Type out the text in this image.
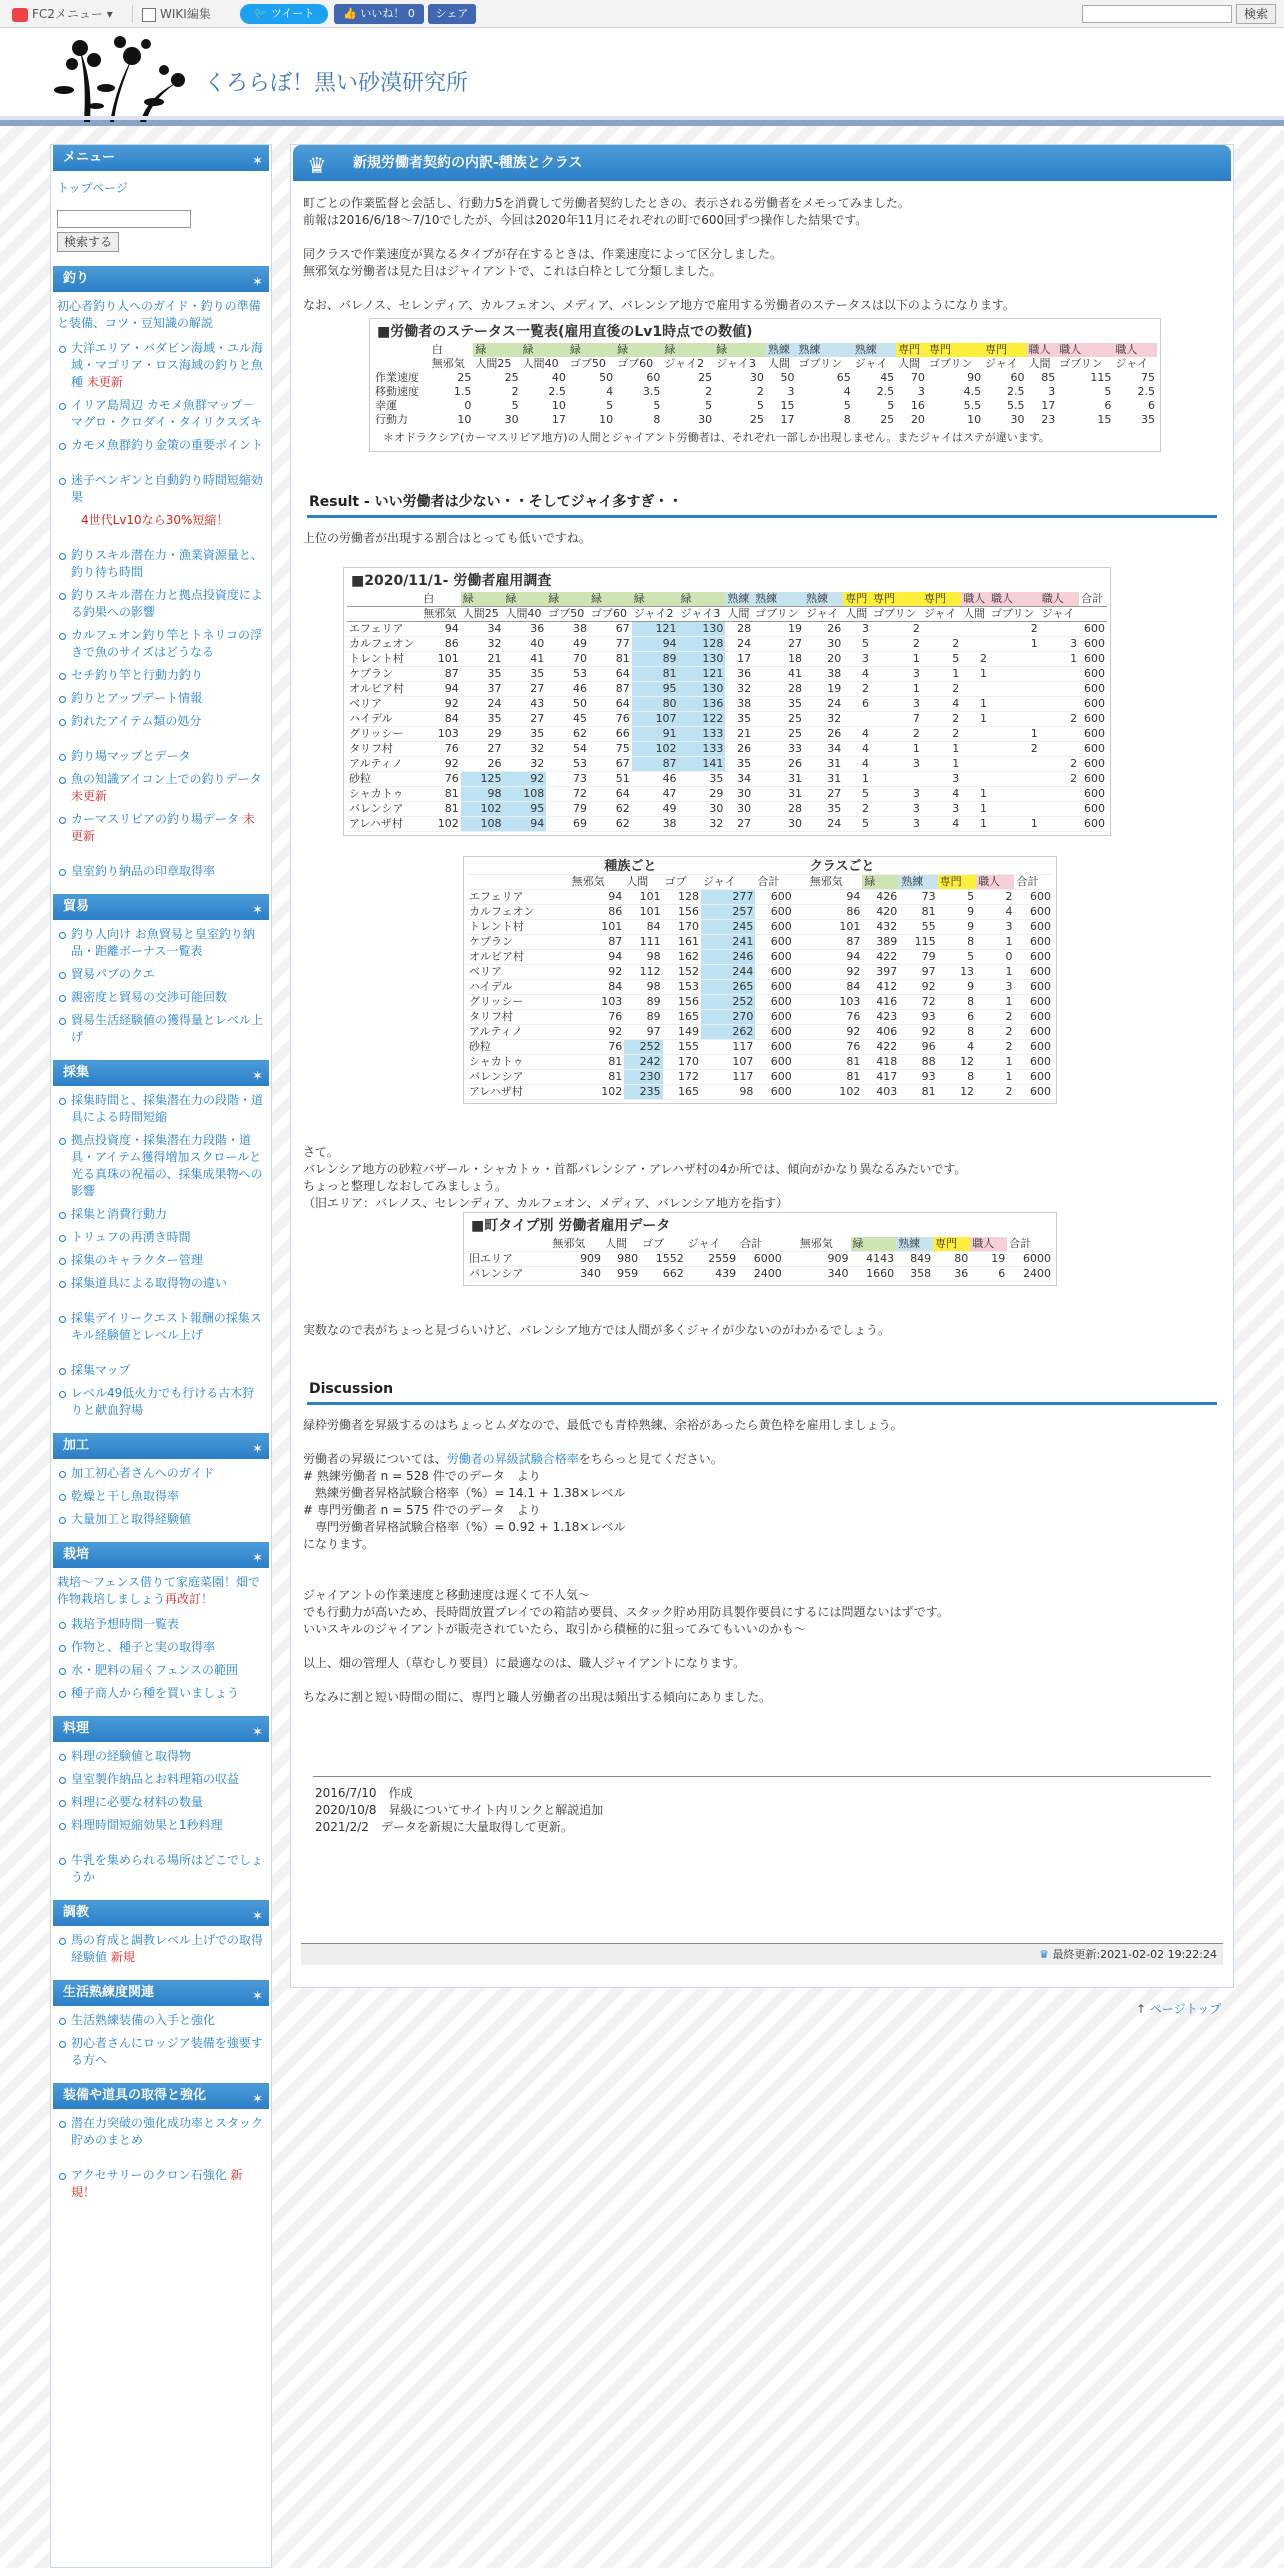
FC2メニュー ▾	WIKI編集	🐦 ツイート	👍 いいね！ 0	シェア	検索
くろらぼ！黒い砂漠研究所
メニュー	✶
トップページ
検索する
釣り	✶
初心者釣り人へのガイド・釣りの準備と装備、コツ・豆知識の解説
大洋エリア・バダビン海域・ユル海域・マゴリア・ロス海域の釣りと魚種 未更新
イリア島周辺 カモメ魚群マップ－マグロ・クロダイ・タイリクスズキ
カモメ魚群釣り金策の重要ポイント
迷子ペンギンと自動釣り時間短縮効果
4世代Lv10なら30%短縮！
釣りスキル潜在力・漁業資源量と、釣り待ち時間
釣りスキル潜在力と拠点投資度による釣果への影響
カルフェオン釣り竿とトネリコの浮きで魚のサイズはどうなる
セチ釣り竿と行動力釣り
釣りとアップデート情報
釣れたアイテム類の処分
釣り場マップとデータ
魚の知識アイコン上での釣りデータ 未更新
カーマスリビアの釣り場データ 未更新
皇室釣り納品の印章取得率
貿易	✶
釣り人向け お魚貿易と皇室釣り納品・距離ボーナス一覧表
貿易パブのクエ
親密度と貿易の交渉可能回数
貿易生活経験値の獲得量とレベル上げ
採集	✶
採集時間と、採集潜在力の段階・道具による時間短縮
拠点投資度・採集潜在力段階・道具・アイテム獲得増加スクロールと光る真珠の祝福の、採集成果物への影響
採集と消費行動力
トリュフの再湧き時間
採集のキャラクター管理
採集道具による取得物の違い
採集デイリークエスト報酬の採集スキル経験値とレベル上げ
採集マップ
レベル49低火力でも行ける古木狩りと献血狩場
加工	✶
加工初心者さんへのガイド
乾燥と干し魚取得率
大量加工と取得経験値
栽培	✶
栽培～フェンス借りて家庭菜園！畑で作物栽培しましょう再改訂！
栽培予想時間一覧表
作物と、種子と実の取得率
水・肥料の届くフェンスの範囲
種子商人から種を買いましょう
料理	✶
料理の経験値と取得物
皇室製作納品とお料理箱の収益
料理に必要な材料の数量
料理時間短縮効果と1秒料理
牛乳を集められる場所はどこでしょうか
調教	✶
馬の育成と調教レベル上げでの取得経験値 新規
生活熟練度関連	✶
生活熟練装備の入手と強化
初心者さんにロッジア装備を強要する方へ
装備や道具の取得と強化	✶
潜在力突破の強化成功率とスタック貯めのまとめ
アクセサリーのクロン石強化 新規！
♛ 新規労働者契約の内訳-種族とクラス

町ごとの作業監督と会話し、行動力5を消費して労働者契約したときの、表示される労働者をメモってみました。

前報は2016/6/18～7/10でしたが、今回は2020年11月にそれぞれの町で600回ずつ操作した結果です。

同クラスで作業速度が異なるタイプが存在するときは、作業速度によって区分しました。

無邪気な労働者は見た目はジャイアントで、これは白枠として分類しました。

なお、バレノス、セレンディア、カルフェオン、メディア、バレンシア地方で雇用する労働者のステータスは以下のようになります。

■労働者のステータス一覧表(雇用直後のLv1時点での数値)
	白	緑	緑	緑	緑	緑	緑	熟練	熟練	熟練	専門	専門	専門	職人	職人	職人
	無邪気	人間25	人間40	ゴブ50	ゴブ60	ジャイ2	ジャイ3	人間	ゴブリン	ジャイ	人間	ゴブリン	ジャイ	人間	ゴブリン	ジャイ
作業速度	25	25	40	50	60	25	30	50	65	45	70	90	60	85	115	75
移動速度	1.5	2	2.5	4	3.5	2	2	3	4	2.5	3	4.5	2.5	3	5	2.5
幸運	0	5	10	5	5	5	5	15	5	5	16	5.5	5.5	17	6	6
行動力	10	30	17	10	8	30	25	17	8	25	20	10	30	23	15	35
＊オドラクシア(カーマスリビア地方)の人間とジャイアント労働者は、それぞれ一部しか出現しません。またジャイはステが違います。
Result - いい労働者は少ない・・そしてジャイ多すぎ・・

上位の労働者が出現する割合はとっても低いですね。

■2020/11/1- 労働者雇用調査
	白	緑	緑	緑	緑	緑	緑	熟練	熟練	熟練	専門	専門	専門	職人	職人	職人	合計
	無邪気	人間25	人間40	ゴブ50	ゴブ60	ジャイ2	ジャイ3	人間	ゴブリン	ジャイ	人間	ゴブリン	ジャイ	人間	ゴブリン	ジャイ	
エフェリア	94	34	36	38	67	121	130	28	19	26	3	2			2		600
カルフェオン	86	32	40	49	77	94	128	24	27	30	5	2	2		1	3	600
トレント村	101	21	41	70	81	89	130	17	18	20	3	1	5	2		1	600
ケプラン	87	35	35	53	64	81	121	36	41	38	4	3	1	1			600
オルビア村	94	37	27	46	87	95	130	32	28	19	2	1	2				600
ベリア	92	24	43	50	64	80	136	38	35	24	6	3	4	1			600
ハイデル	84	35	27	45	76	107	122	35	25	32		7	2	1		2	600
グリッシー	103	29	35	62	66	91	133	21	25	26	4	2	2		1		600
タリフ村	76	27	32	54	75	102	133	26	33	34	4	1	1		2		600
アルティノ	92	26	32	53	67	87	141	35	26	31	4	3	1			2	600
砂粒	76	125	92	73	51	46	35	34	31	31	1		3			2	600
シャカトゥ	81	98	108	72	64	47	29	30	31	27	5	3	4	1			600
バレンシア	81	102	95	79	62	49	30	30	28	35	2	3	3	1			600
アレハザ村	102	108	94	69	62	38	32	27	30	24	5	3	4	1	1		600
種族ごと							クラスごと					
	無邪気	人間	ゴブ	ジャイ	合計		無邪気	緑	熟練	専門	職人	合計
エフェリア	94	101	128	277	600		94	426	73	5	2	600
カルフェオン	86	101	156	257	600		86	420	81	9	4	600
トレント村	101	84	170	245	600		101	432	55	9	3	600
ケプラン	87	111	161	241	600		87	389	115	8	1	600
オルビア村	94	98	162	246	600		94	422	79	5	0	600
ベリア	92	112	152	244	600		92	397	97	13	1	600
ハイデル	84	98	153	265	600		84	412	92	9	3	600
グリッシー	103	89	156	252	600		103	416	72	8	1	600
タリフ村	76	89	165	270	600		76	423	93	6	2	600
アルティノ	92	97	149	262	600		92	406	92	8	2	600
砂粒	76	252	155	117	600		76	422	96	4	2	600
シャカトゥ	81	242	170	107	600		81	418	88	12	1	600
バレンシア	81	230	172	117	600		81	417	93	8	1	600
アレハザ村	102	235	165	98	600		102	403	81	12	2	600

さて。

バレンシア地方の砂粒バザール・シャカトゥ・首都バレンシア・アレハザ村の4か所では、傾向がかなり異なるみたいです。

ちょっと整理しなおしてみましょう。

（旧エリア：バレノス、セレンディア、カルフェオン、メディア、バレンシア地方を指す）

■町タイプ別 労働者雇用データ
	無邪気	人間	ゴブ	ジャイ	合計		無邪気	緑	熟練	専門	職人	合計
旧エリア	909	980	1552	2559	6000		909	4143	849	80	19	6000
バレンシア	340	959	662	439	2400		340	1660	358	36	6	2400

実数なので表がちょっと見づらいけど、バレンシア地方では人間が多くジャイが少ないのがわかるでしょう。

Discussion

緑枠労働者を昇級するのはちょっとムダなので、最低でも青枠熟練、余裕があったら黄色枠を雇用しましょう。

労働者の昇級については、労働者の昇級試験合格率をちらっと見てください。

# 熟練労働者 n = 528 件でのデータ　より

　熟練労働者昇格試験合格率（%）= 14.1 + 1.38×レベル

# 専門労働者 n = 575 件でのデータ　より

　専門労働者昇格試験合格率（%）= 0.92 + 1.18×レベル

になります。

ジャイアントの作業速度と移動速度は遅くて不人気～

でも行動力が高いため、長時間放置プレイでの箱詰め要員、スタック貯め用防具製作要員にするには問題ないはずです。

いいスキルのジャイアントが販売されていたら、取引から積極的に狙ってみてもいいのかも～

以上、畑の管理人（草むしり要員）に最適なのは、職人ジャイアントになります。

ちなみに割と短い時間の間に、専門と職人労働者の出現は頻出する傾向にありました。

2016/7/10　作成

2020/10/8　昇級についてサイト内リンクと解説追加

2021/2/2　データを新規に大量取得して更新。

♛ 最終更新:2021-02-02 19:22:24
↑ ページトップ
